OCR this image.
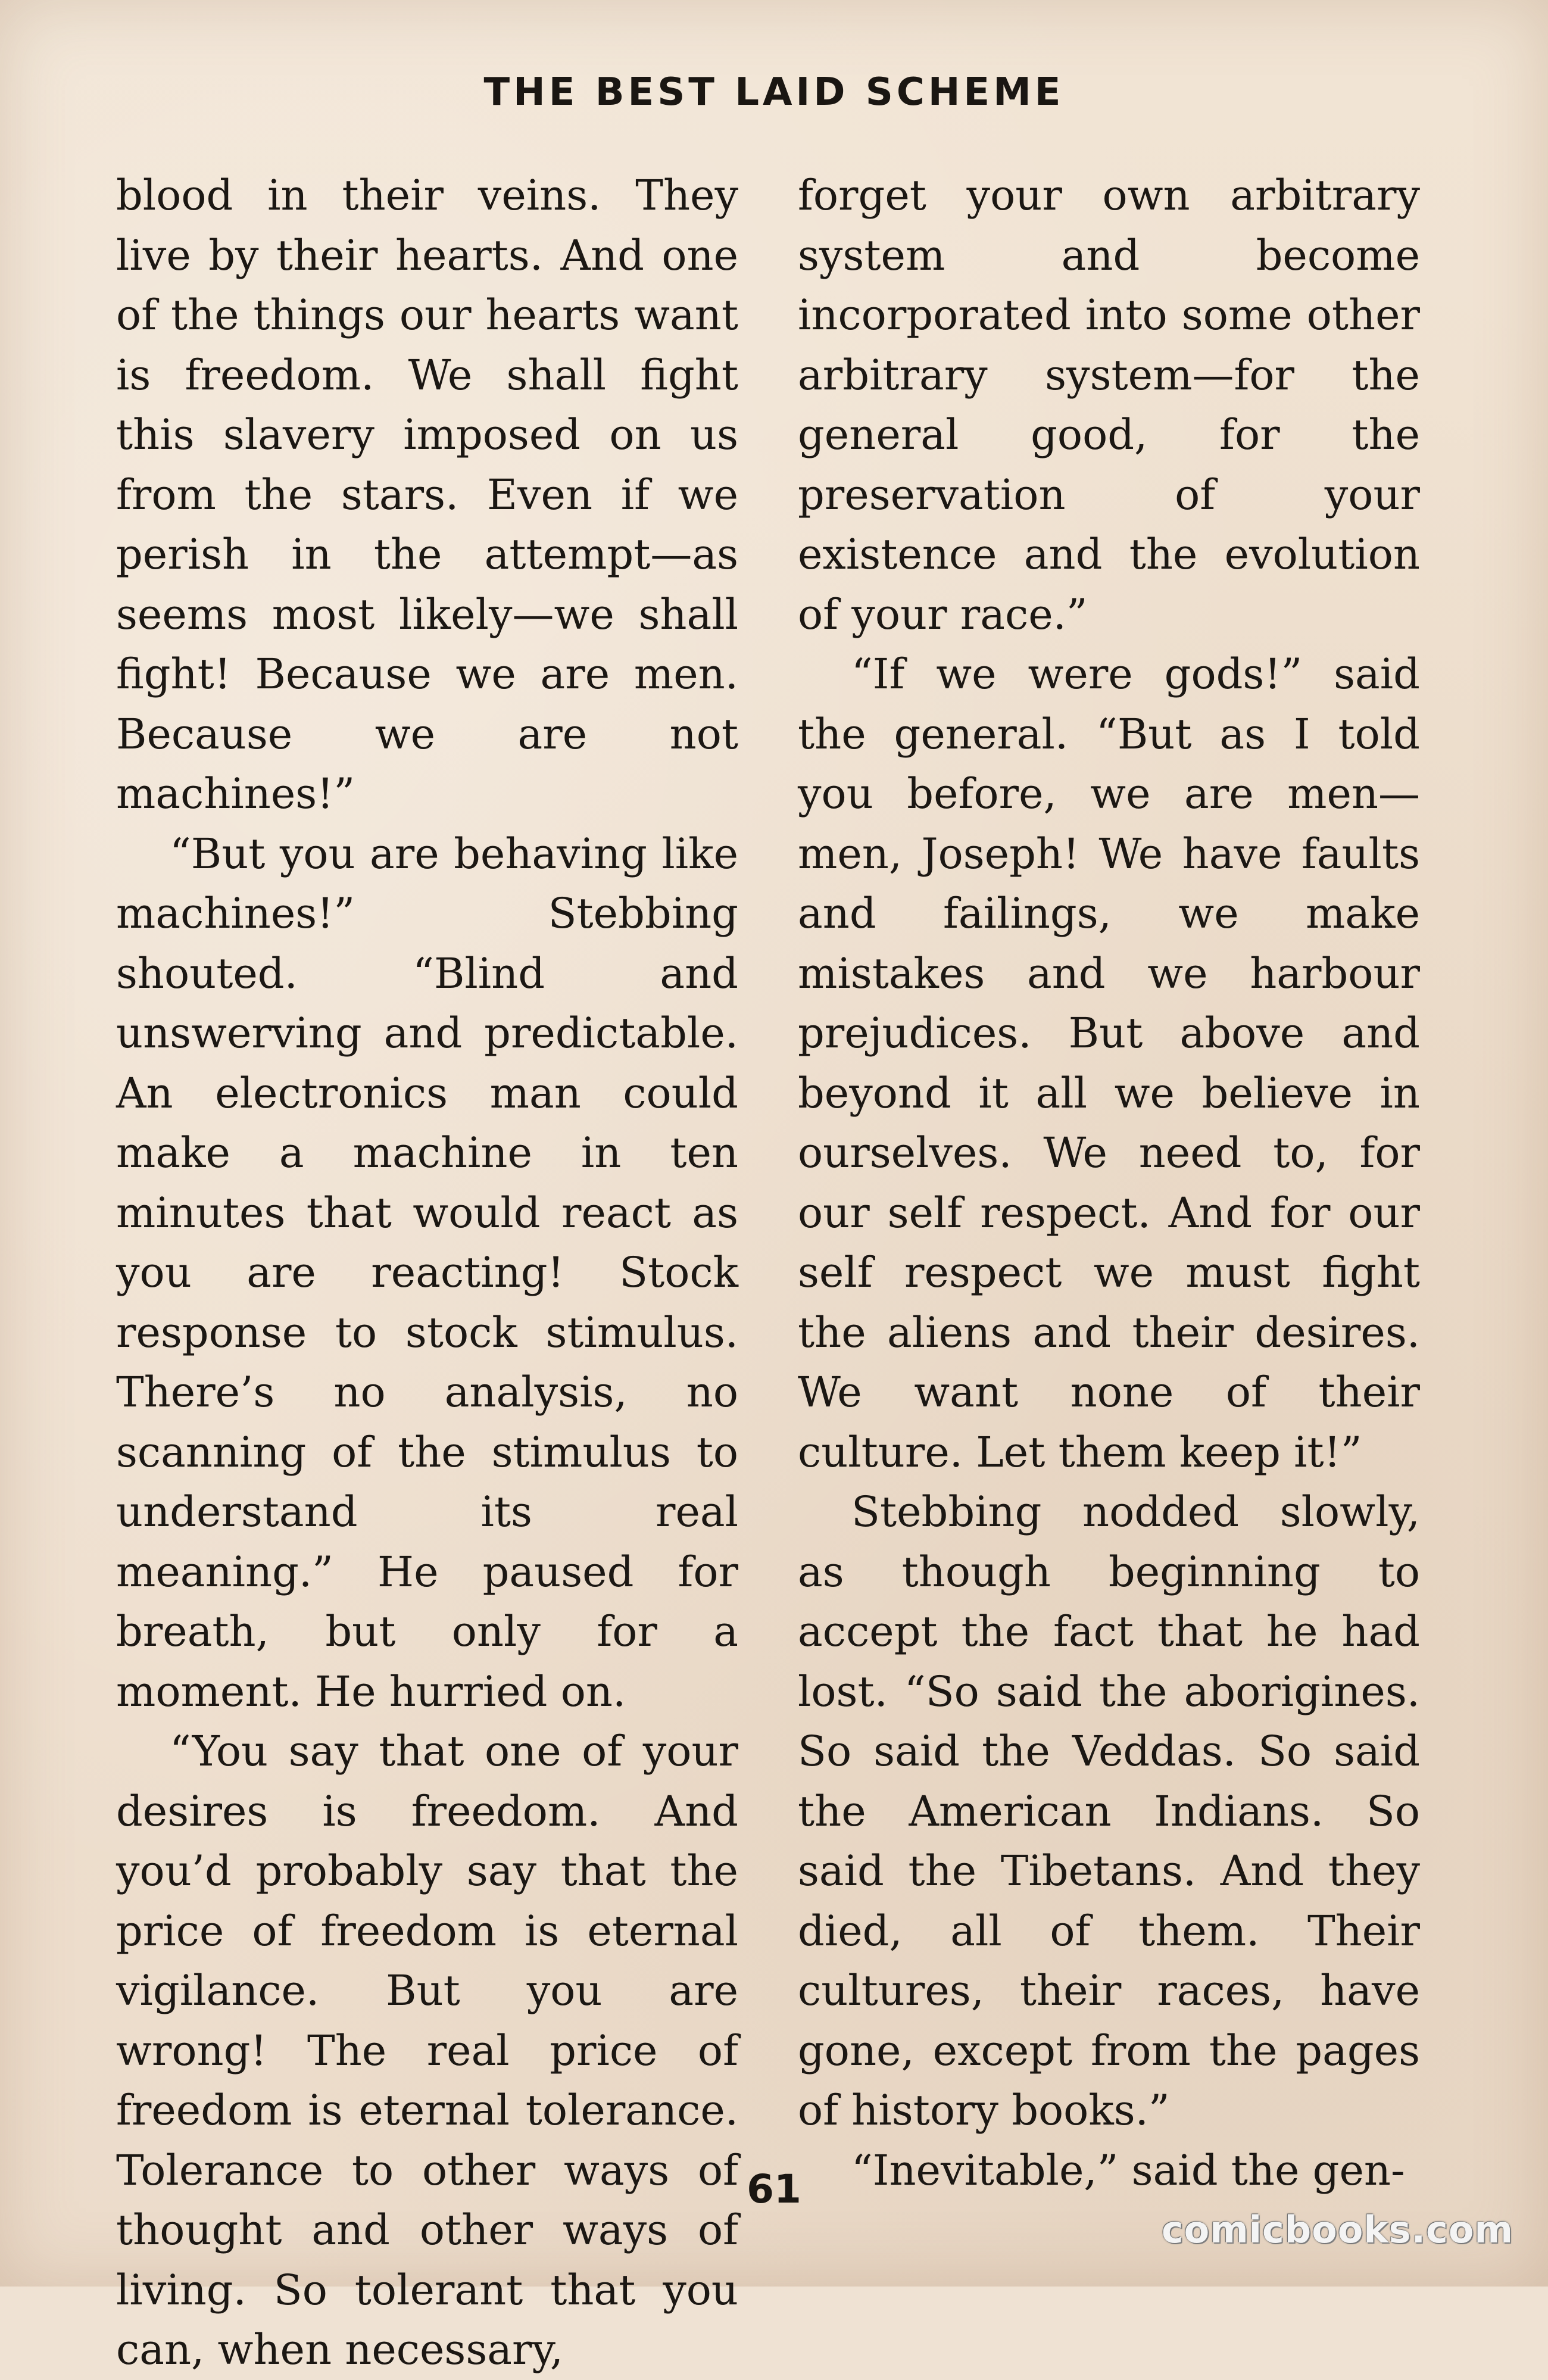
THE BEST LAID SCHEME

blood in their veins. They live by their hearts. And one of the things our hearts want is freedom. We shall fight this slavery imposed on us from the stars. Even if we perish in the attempt—as seems most likely—we shall fight! Because we are men. Because we are not machines!”

“But you are behaving like machines!” Stebbing shouted. “Blind and unswerving and predictable. An electronics man could make a machine in ten minutes that would react as you are reacting! Stock response to stock stimulus. There’s no analysis, no scanning of the stimulus to understand its real meaning.” He paused for breath, but only for a moment. He hurried on.

“You say that one of your desires is freedom. And you’d probably say that the price of freedom is eternal vigilance. But you are wrong! The real price of freedom is eternal tolerance. Tolerance to other ways of thought and other ways of living. So tolerant that you can, when necessary,

forget your own arbitrary system and become incorporated into some other arbitrary system—for the general good, for the preservation of your existence and the evolution of your race.”

“If we were gods!” said the general. “But as I told you before, we are men—men, Joseph! We have faults and failings, we make mistakes and we harbour prejudices. But above and beyond it all we believe in ourselves. We need to, for our self respect. And for our self respect we must fight the aliens and their desires. We want none of their culture. Let them keep it!”

Stebbing nodded slowly, as though beginning to accept the fact that he had lost. “So said the aborigines. So said the Veddas. So said the American Indians. So said the Tibetans. And they died, all of them. Their cultures, their races, have gone, except from the pages of history books.”

“Inevitable,” said the gen-

61
comicbooks.com
